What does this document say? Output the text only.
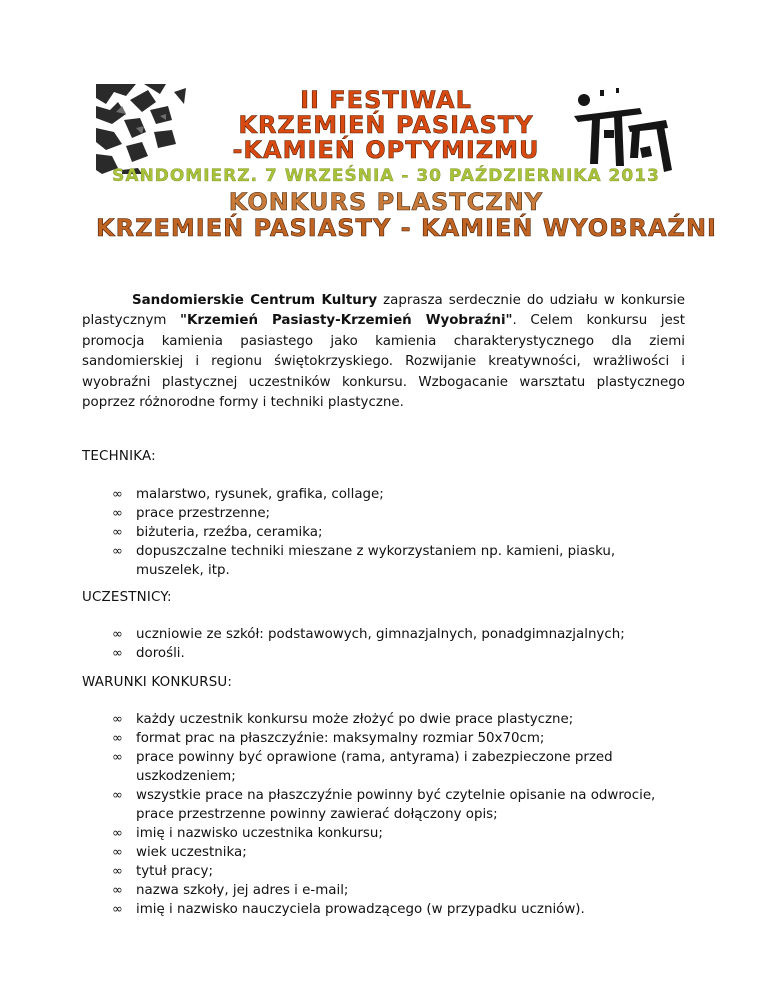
II FESTIWAL
KRZEMIEŃ PASIASTY
-KAMIEŃ OPTYMIZMU
SANDOMIERZ. 7 WRZEŚNIA - 30 PAŹDZIERNIKA 2013
KONKURS PLASTCZNY
KRZEMIEŃ PASIASTY - KAMIEŃ WYOBRAŹNI

Sandomierskie Centrum Kultury zaprasza serdecznie do udziału w konkursie plastycznym "Krzemień Pasiasty-Krzemień Wyobraźni". Celem konkursu jest promocja kamienia pasiastego jako kamienia charakterystycznego dla ziemi sandomierskiej i regionu świętokrzyskiego. Rozwijanie kreatywności, wrażliwości i wyobraźni plastycznej uczestników konkursu. Wzbogacanie warsztatu plastycznego poprzez różnorodne formy i techniki plastyczne.

TECHNIKA:
∞ malarstwo, rysunek, grafika, collage;
∞ prace przestrzenne;
∞ biżuteria, rzeźba, ceramika;
∞ dopuszczalne techniki mieszane z wykorzystaniem np. kamieni, piasku, muszelek, itp.
UCZESTNICY:
∞ uczniowie ze szkół: podstawowych, gimnazjalnych, ponadgimnazjalnych;
∞ dorośli.
WARUNKI KONKURSU:
∞ każdy uczestnik konkursu może złożyć po dwie prace plastyczne;
∞ format prac na płaszczyźnie: maksymalny rozmiar 50x70cm;
∞ prace powinny być oprawione (rama, antyrama) i zabezpieczone przed uszkodzeniem;
∞ wszystkie prace na płaszczyźnie powinny być czytelnie opisanie na odwrocie, prace przestrzenne powinny zawierać dołączony opis;
∞ imię i nazwisko uczestnika konkursu;
∞ wiek uczestnika;
∞ tytuł pracy;
∞ nazwa szkoły, jej adres i e-mail;
∞ imię i nazwisko nauczyciela prowadzącego (w przypadku uczniów).
